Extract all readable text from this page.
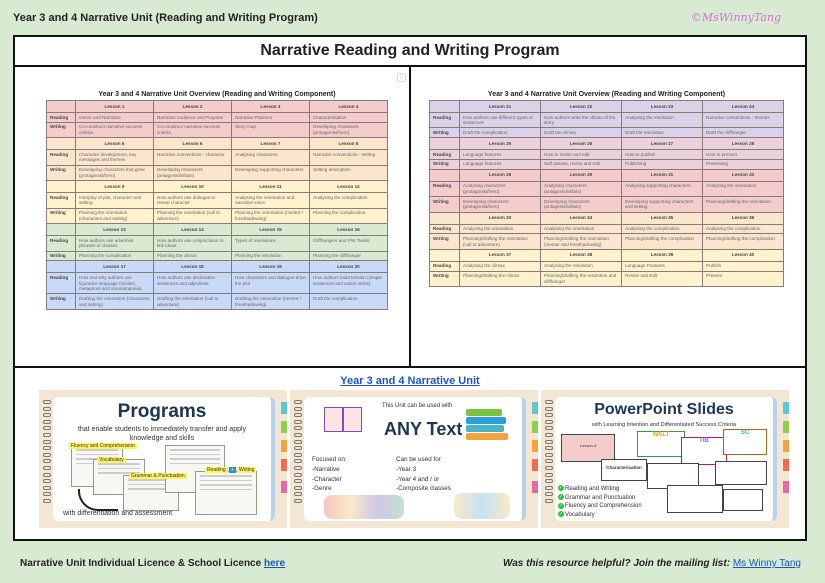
Year 3 and 4 Narrative Unit (Reading and Writing Program)	©MsWinnyTang
Narrative Reading and Writing Program
⠿
Year 3 and 4 Narrative Unit Overview (Reading and Writing Component)
	Lesson 1	Lesson 2	Lesson 3	Lesson 4
Reading	Genre and Narrative	Narrative Audience and Purpose	Narrative Patterns	Characterisation
Writing	Co-construct narrative success criteria	Co-construct narrative success criteria	Story map	Developing characters (protagonist/hero)
	Lesson 5	Lesson 6	Lesson 7	Lesson 8
Reading	Character development, key messages and themes	Narrative conventions - character	Analysing characters	Narrative conventions - setting
Writing	Developing characters that grow (protagonist/hero)	Developing characters (antagonist/villain)	Developing supporting characters	Setting description
	Lesson 9	Lesson 10	Lesson 11	Lesson 12
Reading	Interplay of plot, character and setting	How authors use dialogue to reveal character	Analysing the orientation and narrative voice	Analysing the complication
Writing	Planning the orientation (characters and setting)	Planning the orientation (call to adventure)	Planning the orientation (mentor / foreshadowing)	Planning the complication
	Lesson 13	Lesson 14	Lesson 15	Lesson 16
Reading	How authors use adverbial phrases or clauses	How authors use conjunctions to link ideas	Types of resolutions	Cliffhangers and Plot Twists
Writing	Planning the complication	Planning the climax	Planning the resolution	Planning the cliffhanger
	Lesson 17	Lesson 18	Lesson 19	Lesson 20
Reading	How and why authors use figurative language (similes, metaphors and onomatopoeia)	How authors use declarative sentences and adjectives	How characters and dialogue drive the plot	How authors build tension (simple sentences and action verbs)
Writing	Drafting the orientation (characters and setting)	Drafting the orientation (call to adventure)	Drafting the orientation (mentor / foreshadowing)	Draft the complication
Year 3 and 4 Narrative Unit Overview (Reading and Writing Component)
	Lesson 21	Lesson 22	Lesson 23	Lesson 24
Reading	How authors use different types of sentences	How authors write the climax of the story	Analysing the resolution	Narrative conventions - themes
Writing	Draft the complication	Draft the climax	Draft the resolution	Draft the cliffhanger
	Lesson 25	Lesson 26	Lesson 27	Lesson 28
Reading	Language features	How to revise and edit	How to publish	How to present
Writing	Language features	Self assess, revise and edit	Publishing	Presenting
	Lesson 29	Lesson 30	Lesson 31	Lesson 32
Reading	Analysing characters (protagonist/hero)	Analysing characters (antagonist/villain)	Analysing supporting characters	Analysing the orientation
Writing	Developing characters (protagonist/hero)	Developing characters (antagonist/villain)	Developing supporting characters and setting	Planning/drafting the orientation
	Lesson 33	Lesson 34	Lesson 35	Lesson 36
Reading	Analysing the orientation	Analysing the orientation	Analysing the complication	Analysing the complication
Writing	Planning/drafting the orientation (call to adventure)	Planning/drafting the orientation (mentor and foreshadowing)	Planning/drafting the complication	Planning/drafting the complication
	Lesson 37	Lesson 38	Lesson 39	Lesson 40
Reading	Analysing the climax	Analysing the resolution	Language Features	Publish
Writing	Planning/drafting the climax	Planning/drafting the resolution and cliffhanger	Revise and Edit	Present
Year 3 and 4 Narrative Unit
Programs
that enable students to immediately transfer and apply knowledge and skills
Fluency and Comprehension
Vocabulary
Grammar & Punctuation
Reading	+	Writing
with differentiation and assessment
This Unit can be used with
ANY Text
Focused on:
-Narrative
-Character
-Genre
Can be used for
-Year 3
-Year 4 and / or
-Composite classes
PowerPoint Slides
with Learning Intention and Differentiated Success Criteria
Lesson 4
WALT
TIB
SC
Characterisation
✓ Reading and Writing
✓ Grammar and Punctuation
✓ Fluency and Comprehension
✓ Vocabulary
Narrative Unit Individual Licence & School Licence here	Was this resource helpful? Join the mailing list: Ms Winny Tang
